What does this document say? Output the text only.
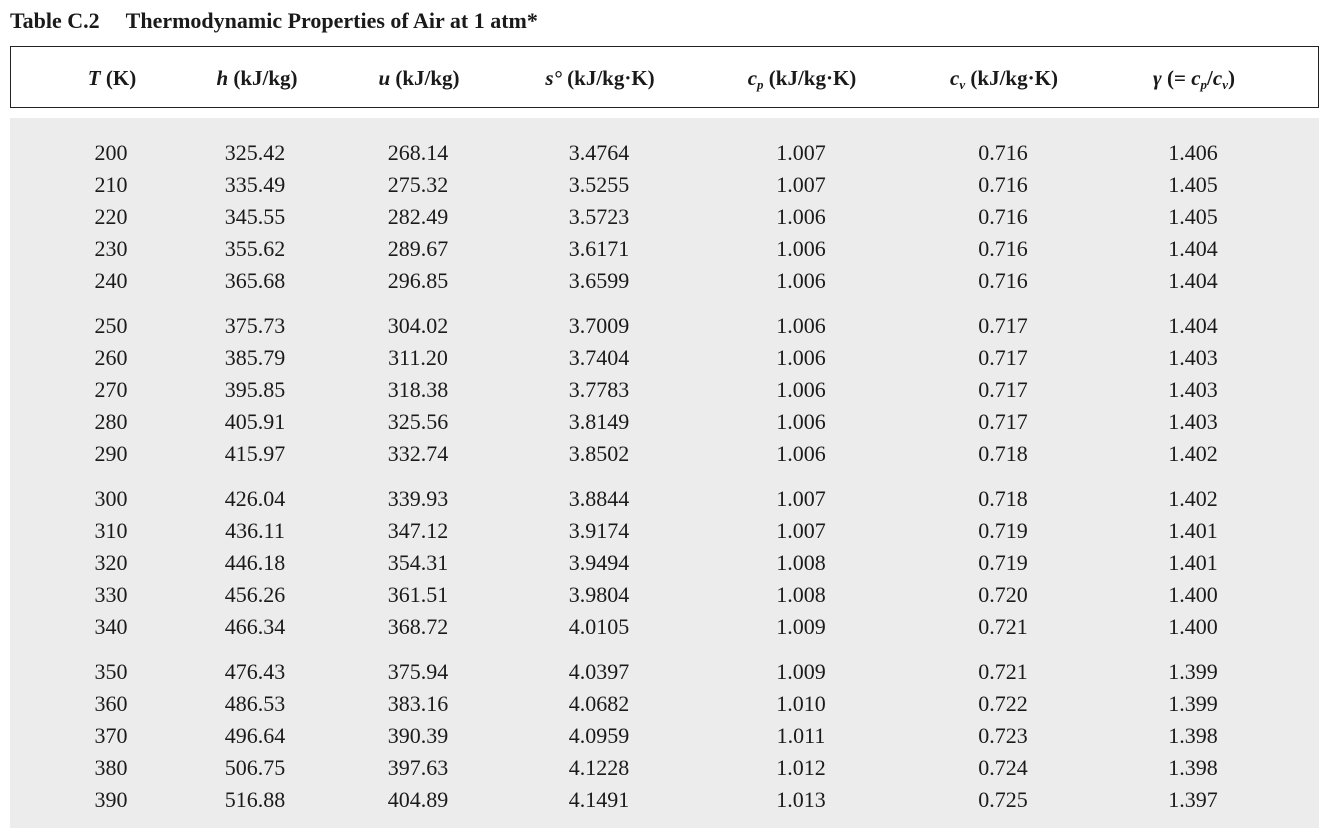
Table C.2 Thermodynamic Properties of Air at 1 atm*
T (K)	h (kJ/kg)	u (kJ/kg)	s° (kJ/kg·K)	$c_p$ (kJ/kg·K)	$c_v$ (kJ/kg·K)	γ (= $c_p/c_v$)
200	325.42	268.14	3.4764	1.007	0.716	1.406
210	335.49	275.32	3.5255	1.007	0.716	1.405
220	345.55	282.49	3.5723	1.006	0.716	1.405
230	355.62	289.67	3.6171	1.006	0.716	1.404
240	365.68	296.85	3.6599	1.006	0.716	1.404
250	375.73	304.02	3.7009	1.006	0.717	1.404
260	385.79	311.20	3.7404	1.006	0.717	1.403
270	395.85	318.38	3.7783	1.006	0.717	1.403
280	405.91	325.56	3.8149	1.006	0.717	1.403
290	415.97	332.74	3.8502	1.006	0.718	1.402
300	426.04	339.93	3.8844	1.007	0.718	1.402
310	436.11	347.12	3.9174	1.007	0.719	1.401
320	446.18	354.31	3.9494	1.008	0.719	1.401
330	456.26	361.51	3.9804	1.008	0.720	1.400
340	466.34	368.72	4.0105	1.009	0.721	1.400
350	476.43	375.94	4.0397	1.009	0.721	1.399
360	486.53	383.16	4.0682	1.010	0.722	1.399
370	496.64	390.39	4.0959	1.011	0.723	1.398
380	506.75	397.63	4.1228	1.012	0.724	1.398
390	516.88	404.89	4.1491	1.013	0.725	1.397
